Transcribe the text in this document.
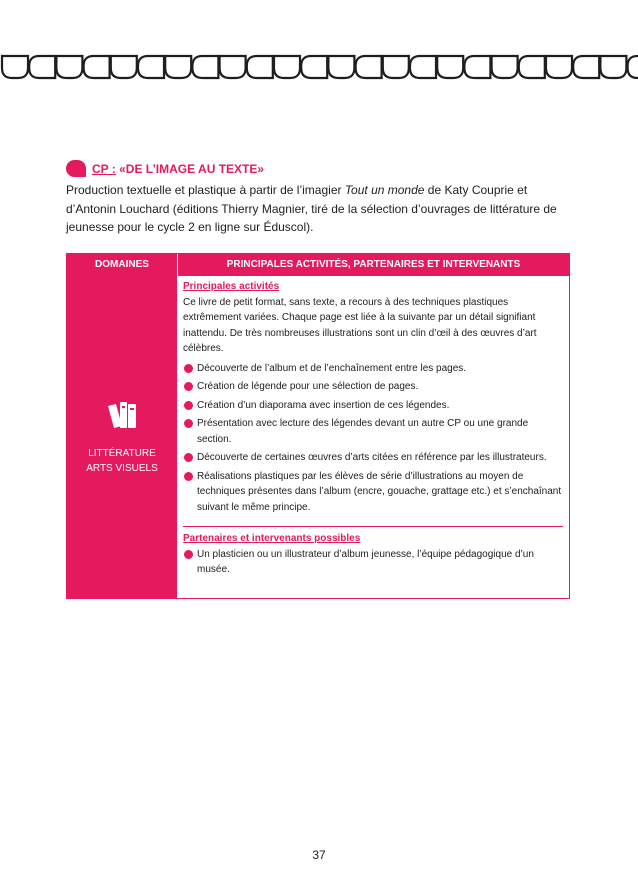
CP : «DE L’IMAGE AU TEXTE»

Production textuelle et plastique à partir de l’imagier Tout un monde de Katy Couprie et d’Antonin Louchard (éditions Thierry Magnier, tiré de la sélection d’ouvrages de littérature de jeunesse pour le cycle 2 en ligne sur Éduscol).

DOMAINES	PRINCIPALES ACTIVITÉS, PARTENAIRES ET INTERVENANTS
LITTÉRATURE
ARTS VISUELS
Principales activités

Ce livre de petit format, sans texte, a recours à des techniques plastiques extrêmement variées. Chaque page est liée à la suivante par un détail signifiant inattendu. De très nombreuses illustrations sont un clin d’œil à des œuvres d’art célèbres.

Découverte de l’album et de l’enchaînement entre les pages.
Création de légende pour une sélection de pages.
Création d’un diaporama avec insertion de ces légendes.
Présentation avec lecture des légendes devant un autre CP ou une grande section.
Découverte de certaines œuvres d’arts citées en référence par les illustrateurs.
Réalisations plastiques par les élèves de série d’illustrations au moyen de techniques présentes dans l’album (encre, gouache, grattage etc.) et s’enchaînant suivant le même principe.
Partenaires et intervenants possibles
Un plasticien ou un illustrateur d’album jeunesse, l’équipe pédagogique d’un musée.
37
